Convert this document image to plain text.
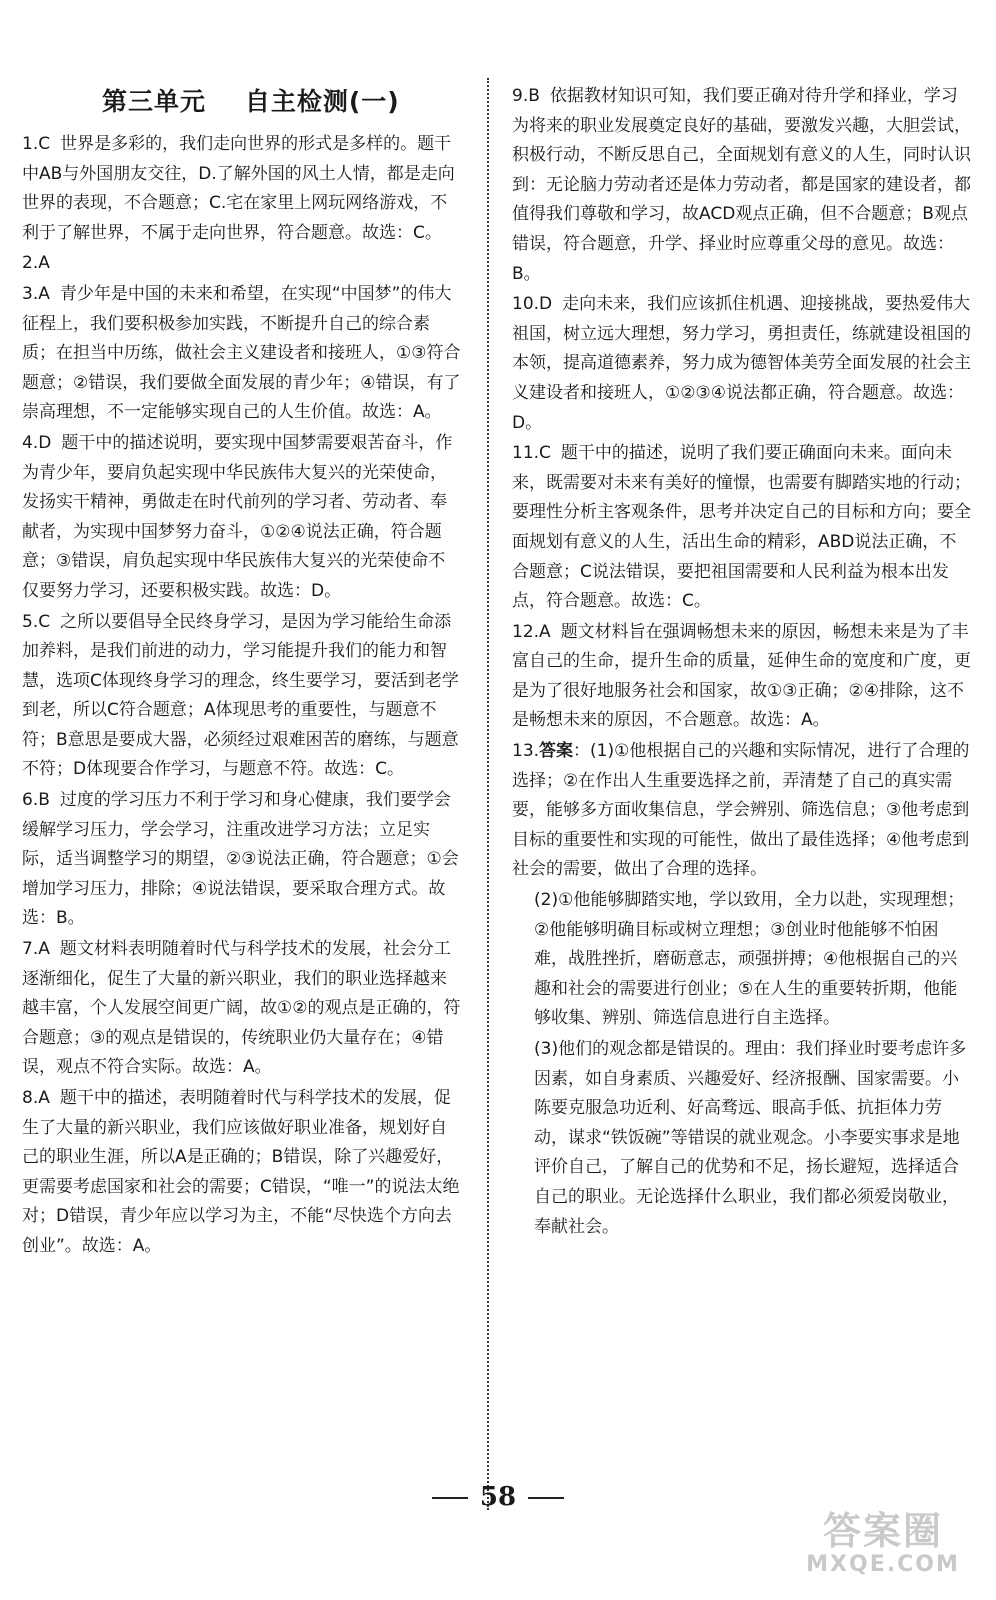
第三单元    自主检测(一)
1.C 世界是多彩的，我们走向世界的形式是多样的。题干中AB与外国朋友交往，D.了解外国的风土人情，都是走向世界的表现，不合题意；C.宅在家里上网玩网络游戏，不利于了解世界，不属于走向世界，符合题意。故选：C。
2.A
3.A 青少年是中国的未来和希望，在实现“中国梦”的伟大征程上，我们要积极参加实践，不断提升自己的综合素质；在担当中历练，做社会主义建设者和接班人，①③符合题意；②错误，我们要做全面发展的青少年；④错误，有了崇高理想，不一定能够实现自己的人生价值。故选：A。
4.D 题干中的描述说明，要实现中国梦需要艰苦奋斗，作为青少年，要肩负起实现中华民族伟大复兴的光荣使命，发扬实干精神，勇做走在时代前列的学习者、劳动者、奉献者，为实现中国梦努力奋斗，①②④说法正确，符合题意；③错误，肩负起实现中华民族伟大复兴的光荣使命不仅要努力学习，还要积极实践。故选：D。
5.C 之所以要倡导全民终身学习，是因为学习能给生命添加养料，是我们前进的动力，学习能提升我们的能力和智慧，选项C体现终身学习的理念，终生要学习，要活到老学到老，所以C符合题意；A体现思考的重要性，与题意不符；B意思是要成大器，必须经过艰难困苦的磨练，与题意不符；D体现要合作学习，与题意不符。故选：C。
6.B 过度的学习压力不利于学习和身心健康，我们要学会缓解学习压力，学会学习，注重改进学习方法；立足实际，适当调整学习的期望，②③说法正确，符合题意；①会增加学习压力，排除；④说法错误，要采取合理方式。故选：B。
7.A 题文材料表明随着时代与科学技术的发展，社会分工逐渐细化，促生了大量的新兴职业，我们的职业选择越来越丰富，个人发展空间更广阔，故①②的观点是正确的，符合题意；③的观点是错误的，传统职业仍大量存在；④错误，观点不符合实际。故选：A。
8.A 题干中的描述，表明随着时代与科学技术的发展，促生了大量的新兴职业，我们应该做好职业准备，规划好自己的职业生涯，所以A是正确的；B错误，除了兴趣爱好，更需要考虑国家和社会的需要；C错误，“唯一”的说法太绝对；D错误，青少年应以学习为主，不能“尽快选个方向去创业”。故选：A。
9.B 依据教材知识可知，我们要正确对待升学和择业，学习为将来的职业发展奠定良好的基础，要激发兴趣，大胆尝试，积极行动，不断反思自己，全面规划有意义的人生，同时认识到：无论脑力劳动者还是体力劳动者，都是国家的建设者，都值得我们尊敬和学习，故ACD观点正确，但不合题意；B观点错误，符合题意，升学、择业时应尊重父母的意见。故选：B。
10.D 走向未来，我们应该抓住机遇、迎接挑战，要热爱伟大祖国，树立远大理想，努力学习，勇担责任，练就建设祖国的本领，提高道德素养，努力成为德智体美劳全面发展的社会主义建设者和接班人，①②③④说法都正确，符合题意。故选：D。
11.C 题干中的描述，说明了我们要正确面向未来。面向未来，既需要对未来有美好的憧憬，也需要有脚踏实地的行动；要理性分析主客观条件，思考并决定自己的目标和方向；要全面规划有意义的人生，活出生命的精彩，ABD说法正确，不合题意；C说法错误，要把祖国需要和人民利益为根本出发点，符合题意。故选：C。
12.A 题文材料旨在强调畅想未来的原因，畅想未来是为了丰富自己的生命，提升生命的质量，延伸生命的宽度和广度，更是为了很好地服务社会和国家，故①③正确；②④排除，这不是畅想未来的原因，不合题意。故选：A。
13.答案：(1)①他根据自己的兴趣和实际情况，进行了合理的选择；②在作出人生重要选择之前，弄清楚了自己的真实需要，能够多方面收集信息，学会辨别、筛选信息；③他考虑到目标的重要性和实现的可能性，做出了最佳选择；④他考虑到社会的需要，做出了合理的选择。
(2)①他能够脚踏实地，学以致用，全力以赴，实现理想；②他能够明确目标或树立理想；③创业时他能够不怕困难，战胜挫折，磨砺意志，顽强拼搏；④他根据自己的兴趣和社会的需要进行创业；⑤在人生的重要转折期，他能够收集、辨别、筛选信息进行自主选择。
(3)他们的观念都是错误的。理由：我们择业时要考虑许多因素，如自身素质、兴趣爱好、经济报酬、国家需要。小陈要克服急功近利、好高骛远、眼高手低、抗拒体力劳动，谋求“铁饭碗”等错误的就业观念。小李要实事求是地评价自己，了解自己的优势和不足，扬长避短，选择适合自己的职业。无论选择什么职业，我们都必须爱岗敬业，奉献社会。
58
答案圈
MXQE.COM
